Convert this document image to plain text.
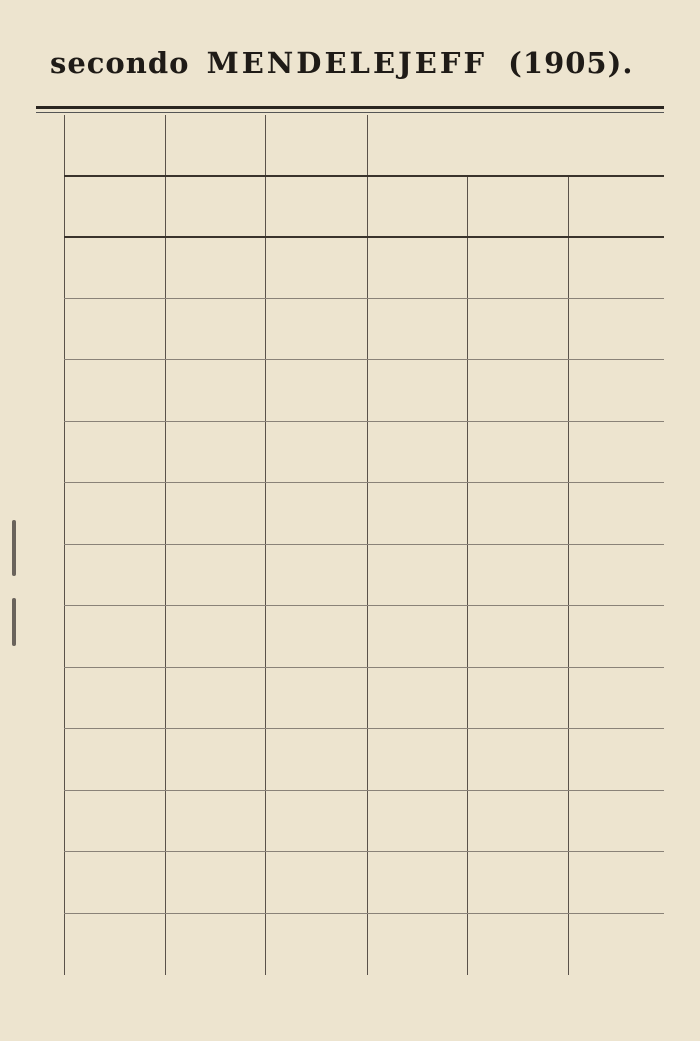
secondo MENDELEJEFF (1905).
